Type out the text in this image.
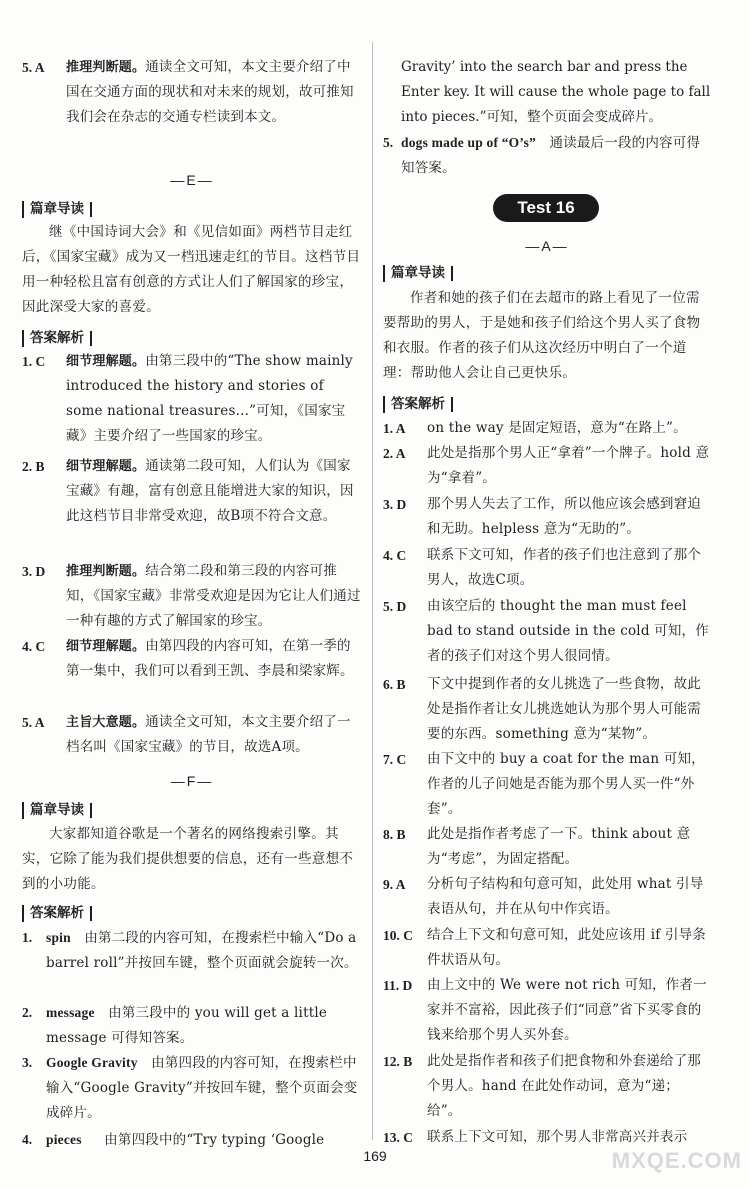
5. A	推理判断题。通读全文可知，本文主要介绍了中国在交通方面的现状和对未来的规划，故可推知我们会在杂志的交通专栏读到本文。
—E—
篇章导读
继《中国诗词大会》和《见信如面》两档节目走红后，《国家宝藏》成为又一档迅速走红的节目。这档节目用一种轻松且富有创意的方式让人们了解国家的珍宝，因此深受大家的喜爱。
答案解析
1. C	细节理解题。由第三段中的“The show mainly introduced the history and stories of some national treasures...”可知，《国家宝藏》主要介绍了一些国家的珍宝。
2. B	细节理解题。通读第二段可知，人们认为《国家宝藏》有趣，富有创意且能增进大家的知识，因此这档节目非常受欢迎，故B项不符合文意。
3. D	推理判断题。结合第二段和第三段的内容可推知，《国家宝藏》非常受欢迎是因为它让人们通过一种有趣的方式了解国家的珍宝。
4. C	细节理解题。由第四段的内容可知，在第一季的第一集中，我们可以看到王凯、李晨和梁家辉。
5. A	主旨大意题。通读全文可知，本文主要介绍了一档名叫《国家宝藏》的节目，故选A项。
—F—
篇章导读
大家都知道谷歌是一个著名的网络搜索引擎。其实，它除了能为我们提供想要的信息，还有一些意想不到的小功能。
答案解析
1.	spin 由第二段的内容可知，在搜索栏中输入“Do a barrel roll”并按回车键，整个页面就会旋转一次。
2.	message 由第三段中的 you will get a little message 可得知答案。
3.	Google Gravity 由第四段的内容可知，在搜索栏中输入“Google Gravity”并按回车键，整个页面会变成碎片。
4.	pieces 由第四段中的“Try typing ‘Google
Gravity’ into the search bar and press the Enter key. It will cause the whole page to fall into pieces.”可知，整个页面会变成碎片。
5. dogs made up of “O’s” 通读最后一段的内容可得知答案。
Test 16
—A—
篇章导读
作者和她的孩子们在去超市的路上看见了一位需要帮助的男人，于是她和孩子们给这个男人买了食物和衣服。作者的孩子们从这次经历中明白了一个道理：帮助他人会让自己更快乐。
答案解析
1. A	on the way 是固定短语，意为“在路上”。
2. A	此处是指那个男人正“拿着”一个牌子。hold 意为“拿着”。
3. D	那个男人失去了工作，所以他应该会感到窘迫和无助。helpless 意为“无助的”。
4. C	联系下文可知，作者的孩子们也注意到了那个男人，故选C项。
5. D	由该空后的 thought the man must feel bad to stand outside in the cold 可知，作者的孩子们对这个男人很同情。
6. B	下文中提到作者的女儿挑选了一些食物，故此处是指作者让女儿挑选她认为那个男人可能需要的东西。something 意为“某物”。
7. C	由下文中的 buy a coat for the man 可知，作者的儿子问她是否能为那个男人买一件“外套”。
8. B	此处是指作者考虑了一下。think about 意为“考虑”，为固定搭配。
9. A	分析句子结构和句意可知，此处用 what 引导表语从句，并在从句中作宾语。
10. C	结合上下文和句意可知，此处应该用 if 引导条件状语从句。
11. D	由上文中的 We were not rich 可知，作者一家并不富裕，因此孩子们“同意”省下买零食的钱来给那个男人买外套。
12. B	此处是指作者和孩子们把食物和外套递给了那个男人。hand 在此处作动词，意为“递；给”。
13. C	联系上下文可知，那个男人非常高兴并表示
169	MXQE.COM
